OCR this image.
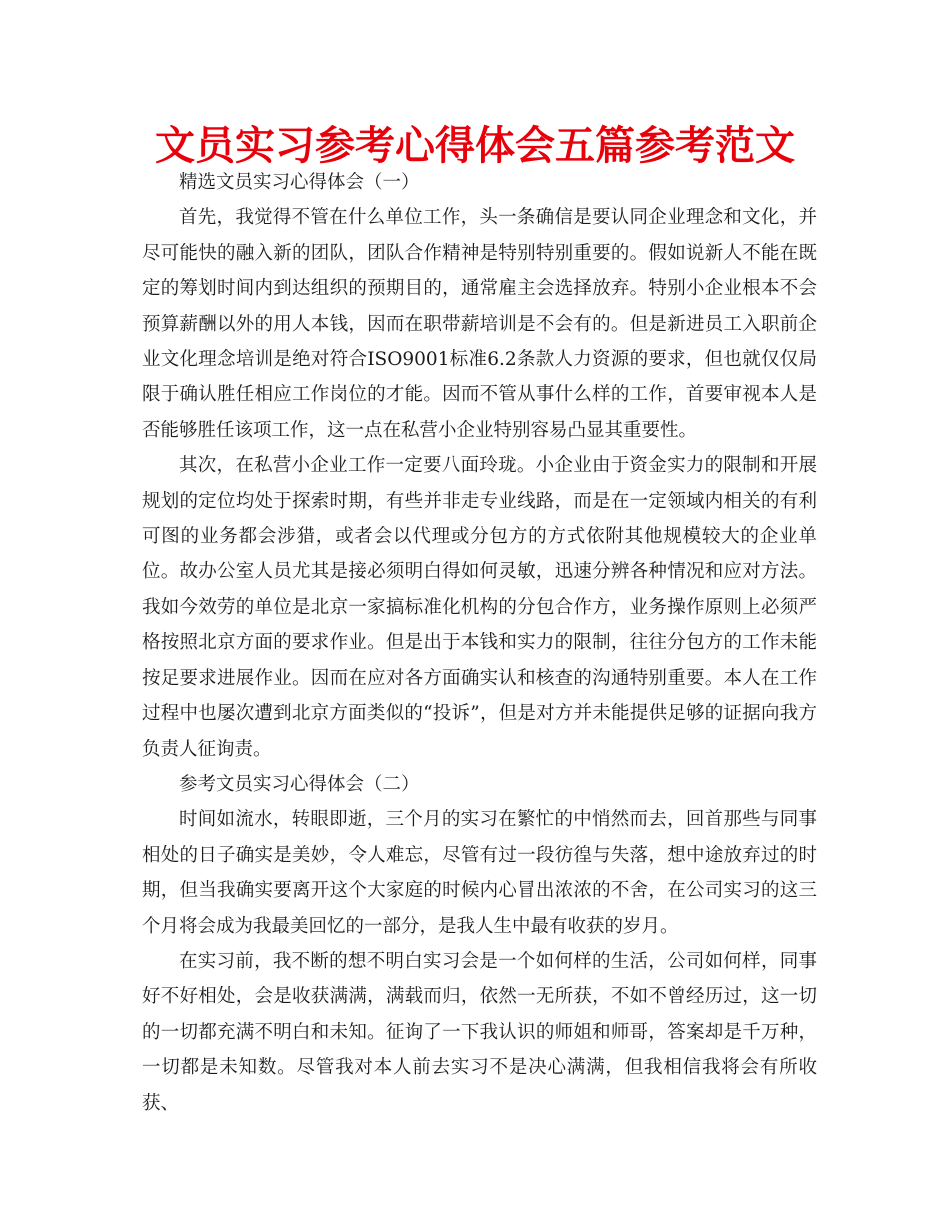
文员实习参考心得体会五篇参考范文

精选文员实习心得体会（一）

首先，我觉得不管在什么单位工作，头一条确信是要认同企业理念和文化，并尽可能快的融入新的团队，团队合作精神是特别特别重要的。假如说新人不能在既定的筹划时间内到达组织的预期目的，通常雇主会选择放弃。特别小企业根本不会预算薪酬以外的用人本钱，因而在职带薪培训是不会有的。但是新进员工入职前企业文化理念培训是绝对符合ISO9001标准6.2条款人力资源的要求，但也就仅仅局限于确认胜任相应工作岗位的才能。因而不管从事什么样的工作，首要审视本人是否能够胜任该项工作，这一点在私营小企业特别容易凸显其重要性。

其次，在私营小企业工作一定要八面玲珑。小企业由于资金实力的限制和开展规划的定位均处于探索时期，有些并非走专业线路，而是在一定领域内相关的有利可图的业务都会涉猎，或者会以代理或分包方的方式依附其他规模较大的企业单位。故办公室人员尤其是接必须明白得如何灵敏，迅速分辨各种情况和应对方法。我如今效劳的单位是北京一家搞标准化机构的分包合作方，业务操作原则上必须严格按照北京方面的要求作业。但是出于本钱和实力的限制，往往分包方的工作未能按足要求进展作业。因而在应对各方面确实认和核查的沟通特别重要。本人在工作过程中也屡次遭到北京方面类似的“投诉”，但是对方并未能提供足够的证据向我方负责人征询责。

参考文员实习心得体会（二）

时间如流水，转眼即逝，三个月的实习在繁忙的中悄然而去，回首那些与同事相处的日子确实是美妙，令人难忘，尽管有过一段彷徨与失落，想中途放弃过的时期，但当我确实要离开这个大家庭的时候内心冒出浓浓的不舍，在公司实习的这三个月将会成为我最美回忆的一部分，是我人生中最有收获的岁月。

在实习前，我不断的想不明白实习会是一个如何样的生活，公司如何样，同事好不好相处，会是收获满满，满载而归，依然一无所获，不如不曾经历过，这一切的一切都充满不明白和未知。征询了一下我认识的师姐和师哥，答案却是千万种，一切都是未知数。尽管我对本人前去实习不是决心满满，但我相信我将会有所收获、
